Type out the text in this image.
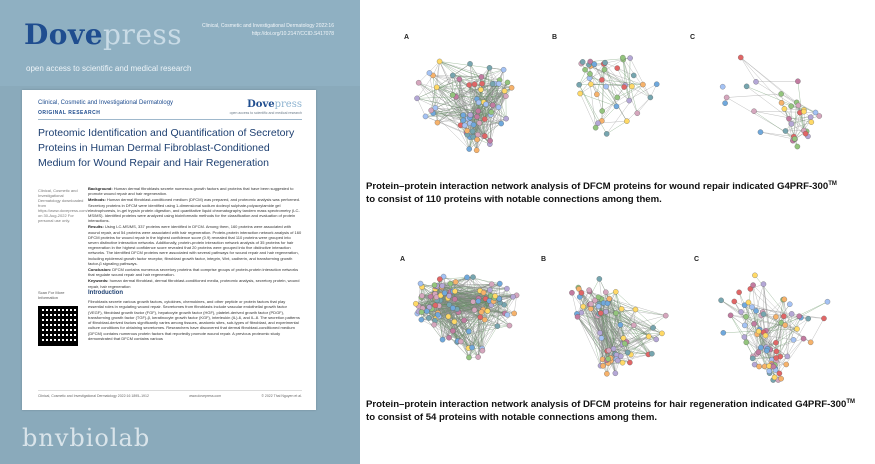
Dovepress
open access to scientific and medical research
Clinical, Cosmetic and Investigational Dermatology 2022:16
http://doi.org/10.2147/CCID.S417078
Clinical, Cosmetic and Investigational Dermatology
ORIGINAL RESEARCH
Dovepress
open access to scientific and medical research
Proteomic Identification and Quantification of Secretory Proteins in Human Dermal Fibroblast-Conditioned Medium for Wound Repair and Hair Regeneration
Clinical, Cosmetic and Investigational Dermatology downloaded from https://www.dovepress.com/ on 30-Aug-2022 For personal use only.

Background: Human dermal fibroblasts secrete numerous growth factors and proteins that have been suggested to promote wound repair and hair regeneration.

Methods: Human dermal fibroblast-conditioned medium (DFCM) was prepared, and proteomic analysis was performed. Secretory proteins in DFCM were identified using 1-dimensional sodium dodecyl sulphate-polyacrylamide gel electrophoresis, in-gel trypsin protein digestion, and quantitative liquid chromatography tandem mass spectrometry (LC-MS/MS). Identified proteins were analyzed using bioinformatic methods for the classification and evaluation of protein interactions.

Results: Using LC-MS/MS, 337 proteins were identified in DFCM. Among them, 160 proteins were associated with wound repair, and 54 proteins were associated with hair regeneration. Protein-protein interaction network analysis of 160 DFCM proteins for wound repair in the highest confidence score (0.9) revealed that 110 proteins were grouped into seven distinctive interaction networks. Additionally, protein-protein interaction network analysis of 35 proteins for hair regeneration in the highest confidence score revealed that 20 proteins were grouped into five distinctive interaction networks. The identified DFCM proteins were associated with several pathways for wound repair and hair regeneration, including epidermal growth factor receptor, fibroblast growth factor, integrin, Wnt, cadherin, and transforming growth factor-β signaling pathways.

Conclusion: DFCM contains numerous secretory proteins that comprise groups of protein-protein interaction networks that regulate wound repair and hair regeneration.

Keywords: human dermal fibroblast, dermal fibroblast-conditioned media, proteomic analysis, secretory protein, wound repair, hair regeneration

Scan For More Information
Introduction
Fibroblasts secrete various growth factors, cytokines, chemokines, and other peptide or protein factors that play essential roles in regulating wound repair. Secretomes from fibroblasts include vascular endothelial growth factor (VEGF), fibroblast growth factor (FGF), hepatocyte growth factor (HGF), platelet-derived growth factor (PDGF), transforming growth factor (TGF)-β, keratinocyte growth factor (KGF), interleukin (IL)-6, and IL-8. The secretion patterns of fibroblast-derived factors significantly varies among tissues, anatomic sites, sub-types of fibroblast, and experimental culture conditions for obtaining secretomes. Researchers have discovered that dermal fibroblast-conditioned medium (DFCM) contains numerous protein factors that reportedly promote wound repair. A previous proteomic study demonstrated that DFCM contains various
Clinical, Cosmetic and Investigational Dermatology 2022:16 1895–1912	www.dovepress.com	© 2022 Thai Nguyen et al.
bnvbiolab
A	B	C
Protein–protein interaction network analysis of DFCM proteins for wound repair indicated G4PRF-300™
to consist of 110 proteins with notable connections among them.
A	B	C
Protein–protein interaction network analysis of DFCM proteins for hair regeneration indicated G4PRF-300™
to consist of 54 proteins with notable connections among them.
